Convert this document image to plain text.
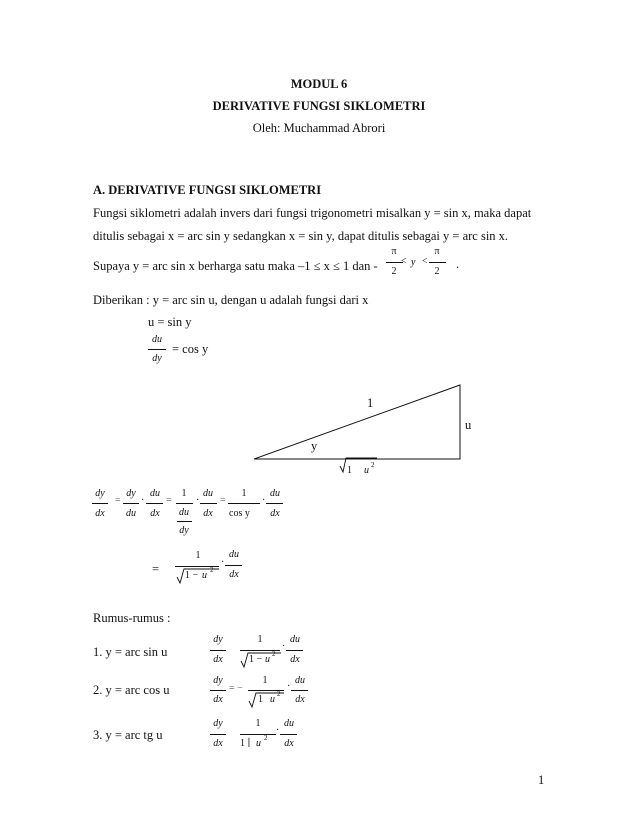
MODUL 6
DERIVATIVE FUNGSI SIKLOMETRI
Oleh: Muchammad Abrori
A. DERIVATIVE FUNGSI SIKLOMETRI
Fungsi siklometri adalah invers dari fungsi trigonometri misalkan y = sin x, maka dapat
ditulis sebagai x = arc sin y sedangkan x = sin y, dapat ditulis sebagai y = arc sin x.
Supaya y = arc sin x berharga satu maka –1 ≤ x ≤ 1 dan -
π
2
< y <
π
2
.
Diberikan : y = arc sin u, dengan u adalah fungsi dari x
u = sin y
du
dy
= cos y
1
u
y
1 u 2
dy
dx
=
dy
du
·
du
dx
=
1
du
dy
·
du
dx
=
1
cos y
·
du
dx
=
1
1 − u 2
·
du
dx
Rumus-rumus :
1. y = arc sin u
dy
dx
1
1 − u 2
·
du
dx
2. y = arc cos u
dy
dx
= −
1
1 u 2
·
du
dx
3. y = arc tg u
dy
dx
1
1 ∣ u 2
·
du
dx
1
